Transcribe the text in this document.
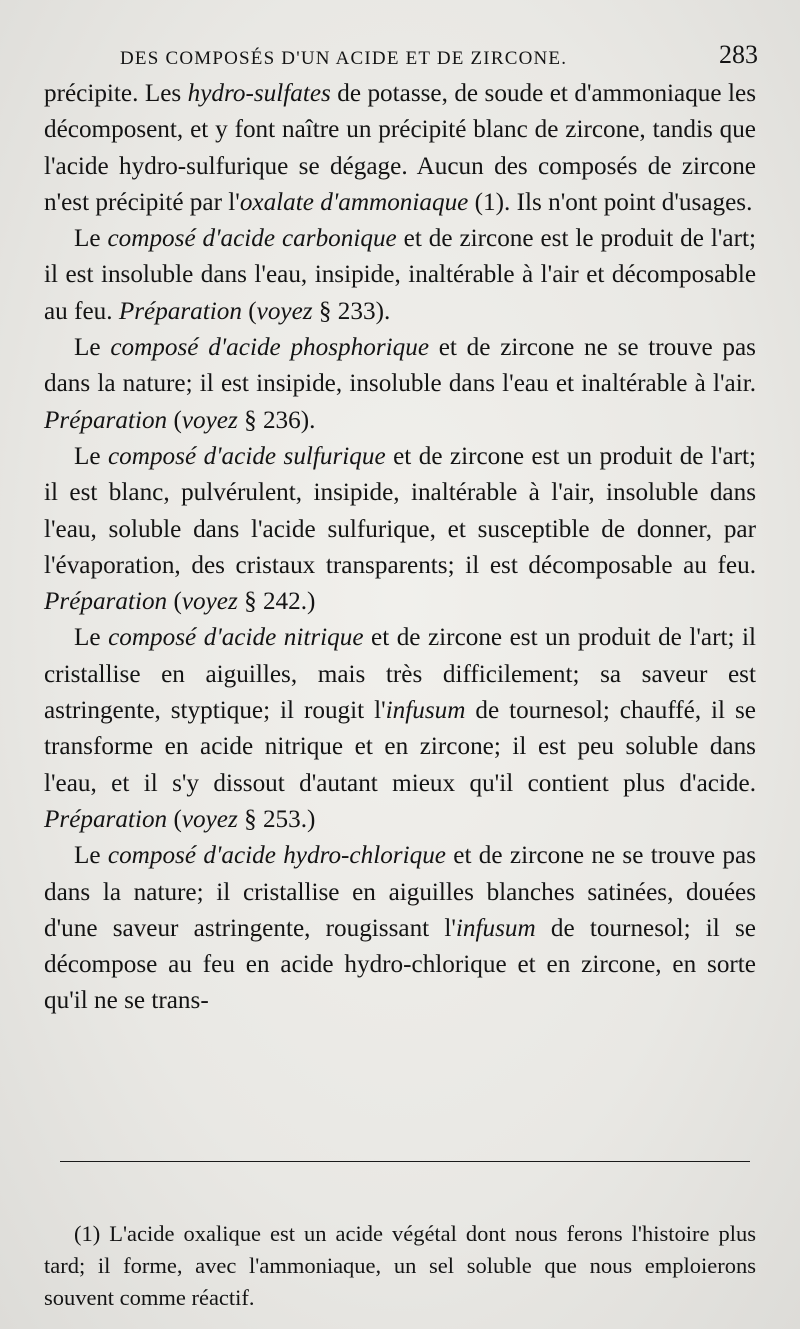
DES COMPOSÉS D'UN ACIDE ET DE ZIRCONE.	283

précipite. Les hydro-sulfates de potasse, de soude et d'ammoniaque les décomposent, et y font naître un précipité blanc de zircone, tandis que l'acide hydro-sulfurique se dégage. Aucun des composés de zircone n'est précipité par l'oxalate d'ammoniaque (1). Ils n'ont point d'usages.

Le composé d'acide carbonique et de zircone est le produit de l'art; il est insoluble dans l'eau, insipide, inaltérable à l'air et décomposable au feu. Préparation (voyez § 233).

Le composé d'acide phosphorique et de zircone ne se trouve pas dans la nature; il est insipide, insoluble dans l'eau et inaltérable à l'air. Préparation (voyez § 236).

Le composé d'acide sulfurique et de zircone est un produit de l'art; il est blanc, pulvérulent, insipide, inaltérable à l'air, insoluble dans l'eau, soluble dans l'acide sulfurique, et susceptible de donner, par l'évaporation, des cristaux transparents; il est décomposable au feu. Préparation (voyez § 242.)

Le composé d'acide nitrique et de zircone est un produit de l'art; il cristallise en aiguilles, mais très difficilement; sa saveur est astringente, styptique; il rougit l'infusum de tournesol; chauffé, il se transforme en acide nitrique et en zircone; il est peu soluble dans l'eau, et il s'y dissout d'autant mieux qu'il contient plus d'acide. Préparation (voyez § 253.)

Le composé d'acide hydro-chlorique et de zircone ne se trouve pas dans la nature; il cristallise en aiguilles blanches satinées, douées d'une saveur astringente, rougissant l'infusum de tournesol; il se décompose au feu en acide hydro-chlorique et en zircone, en sorte qu'il ne se trans-

(1) L'acide oxalique est un acide végétal dont nous ferons l'histoire plus tard; il forme, avec l'ammoniaque, un sel soluble que nous emploierons souvent comme réactif.
